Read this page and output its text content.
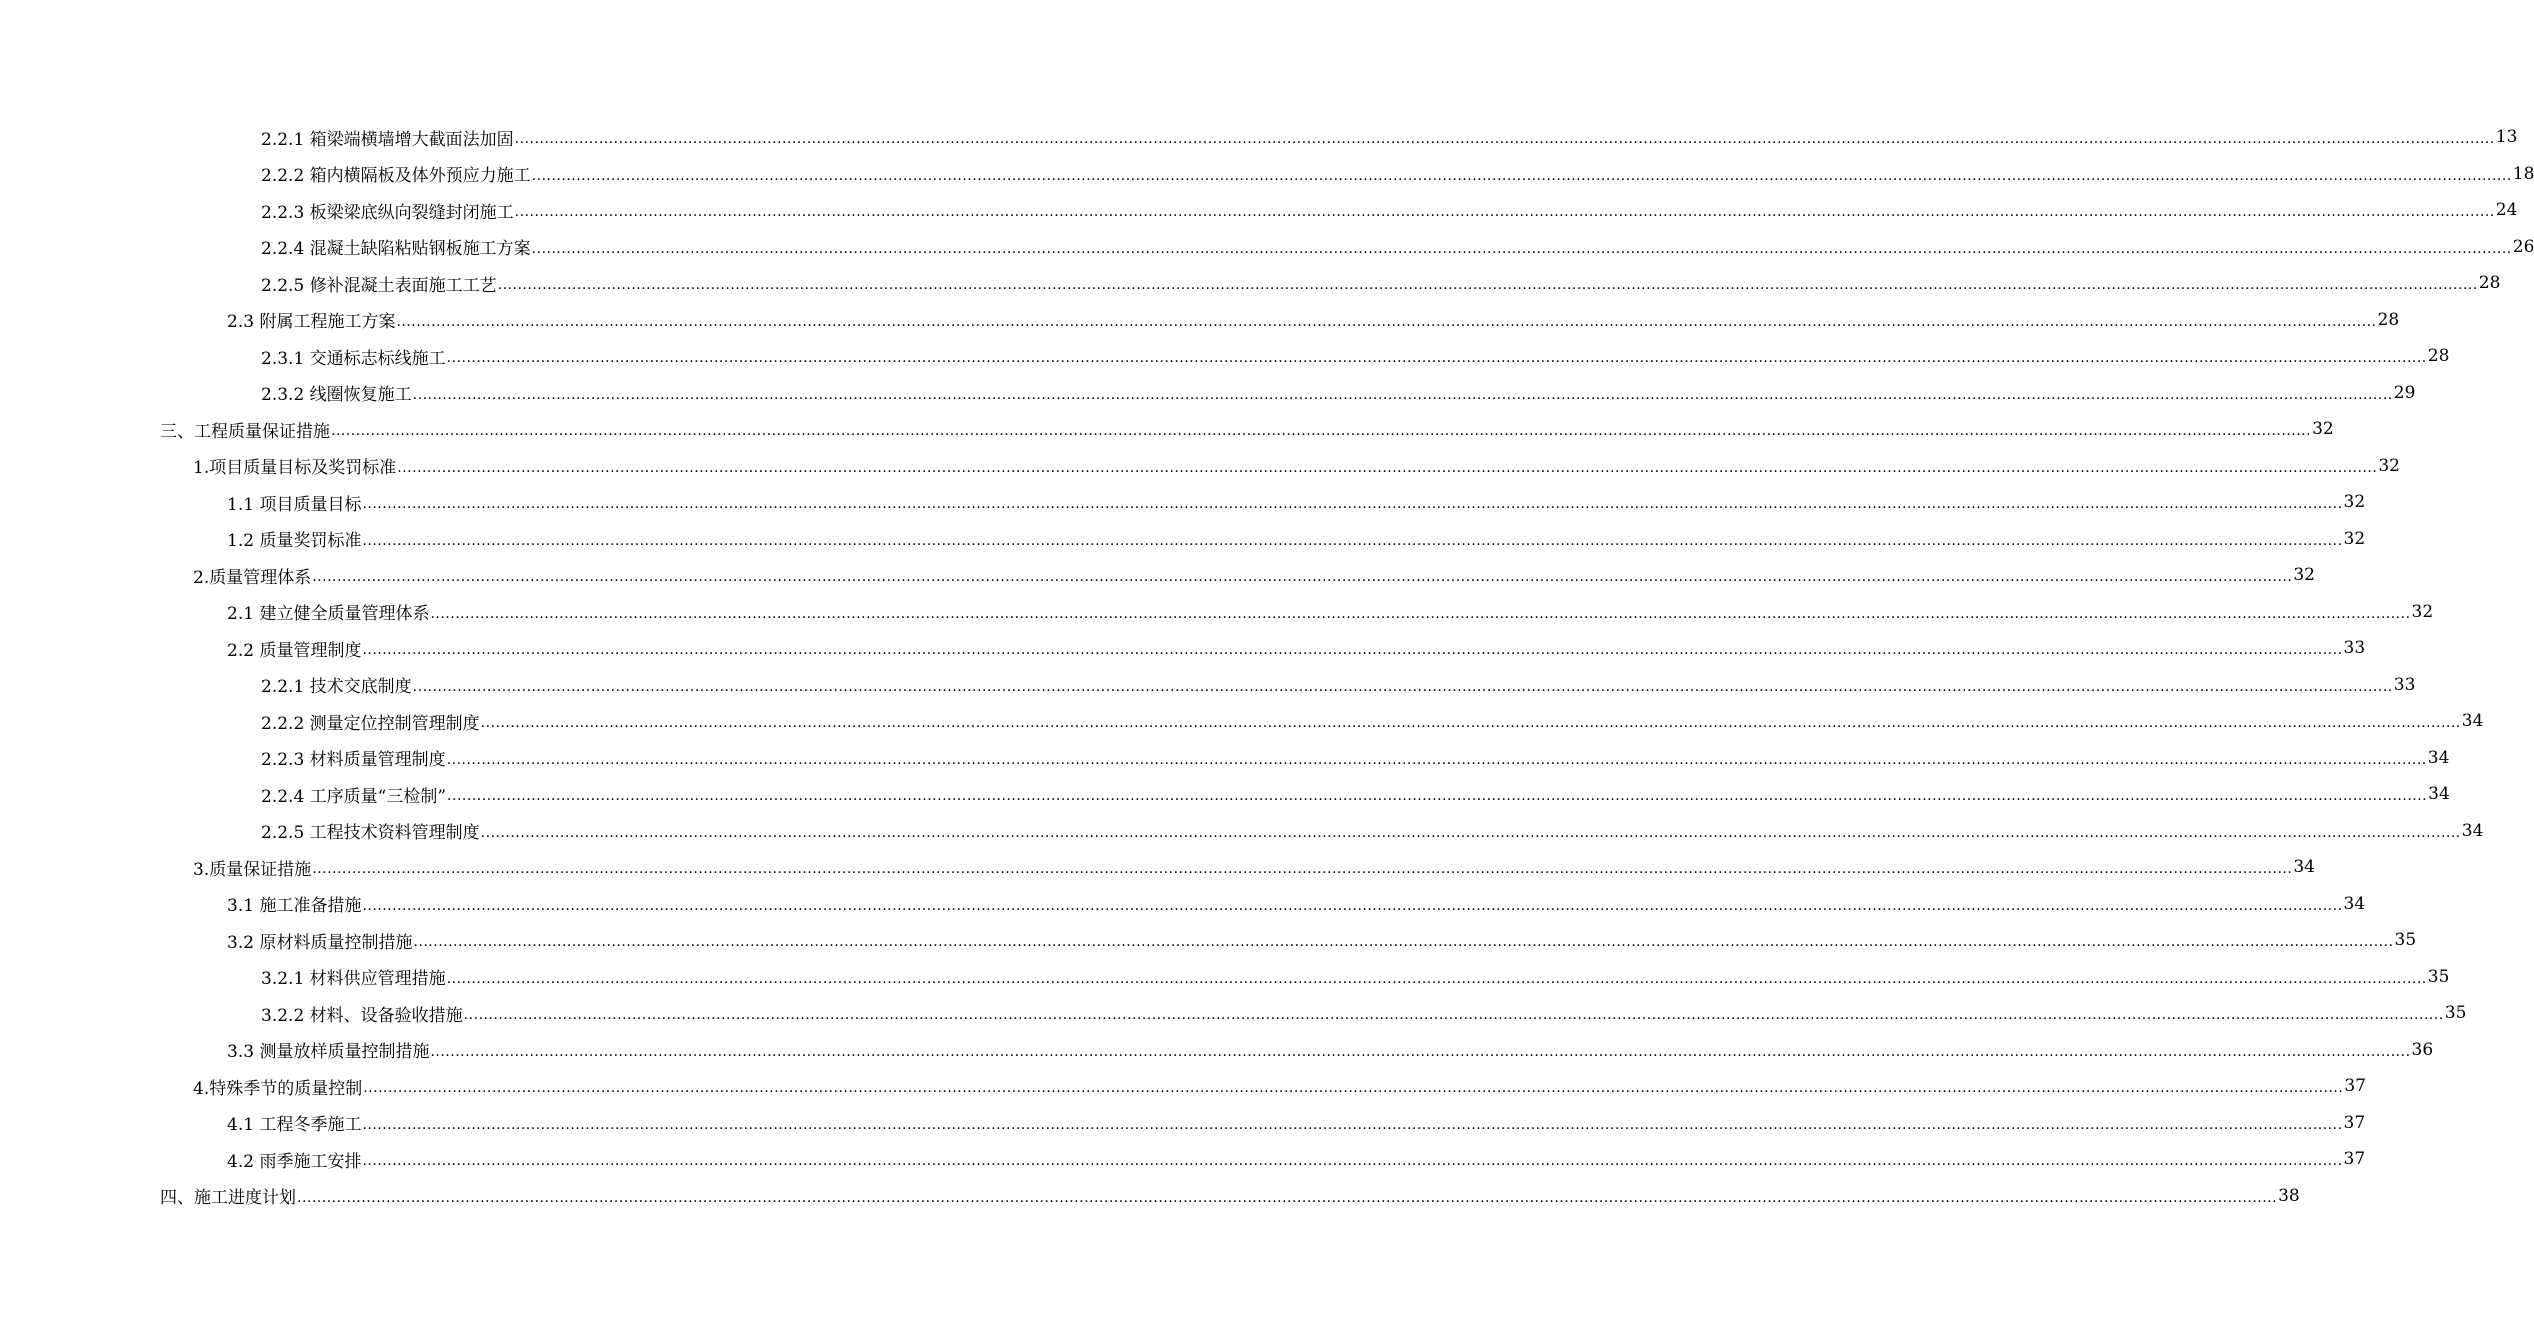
2.2.1 箱梁端横墙增大截面法加固 ................................................................................................................................................................................................................................................................................................................................................................................................................ 13
2.2.2 箱内横隔板及体外预应力施工 ................................................................................................................................................................................................................................................................................................................................................................................................................ 18
2.2.3 板梁梁底纵向裂缝封闭施工 ................................................................................................................................................................................................................................................................................................................................................................................................................ 24
2.2.4 混凝土缺陷粘贴钢板施工方案 ................................................................................................................................................................................................................................................................................................................................................................................................................ 26
2.2.5 修补混凝土表面施工工艺 ................................................................................................................................................................................................................................................................................................................................................................................................................ 28
2.3 附属工程施工方案 ................................................................................................................................................................................................................................................................................................................................................................................................................ 28
2.3.1 交通标志标线施工 ................................................................................................................................................................................................................................................................................................................................................................................................................ 28
2.3.2 线圈恢复施工 ................................................................................................................................................................................................................................................................................................................................................................................................................ 29
三、工程质量保证措施 ................................................................................................................................................................................................................................................................................................................................................................................................................ 32
1.项目质量目标及奖罚标准 ................................................................................................................................................................................................................................................................................................................................................................................................................ 32
1.1 项目质量目标 ................................................................................................................................................................................................................................................................................................................................................................................................................ 32
1.2 质量奖罚标准 ................................................................................................................................................................................................................................................................................................................................................................................................................ 32
2.质量管理体系 ................................................................................................................................................................................................................................................................................................................................................................................................................ 32
2.1 建立健全质量管理体系 ................................................................................................................................................................................................................................................................................................................................................................................................................ 32
2.2 质量管理制度 ................................................................................................................................................................................................................................................................................................................................................................................................................ 33
2.2.1 技术交底制度 ................................................................................................................................................................................................................................................................................................................................................................................................................ 33
2.2.2 测量定位控制管理制度 ................................................................................................................................................................................................................................................................................................................................................................................................................ 34
2.2.3 材料质量管理制度 ................................................................................................................................................................................................................................................................................................................................................................................................................ 34
2.2.4 工序质量“三检制” ................................................................................................................................................................................................................................................................................................................................................................................................................ 34
2.2.5 工程技术资料管理制度 ................................................................................................................................................................................................................................................................................................................................................................................................................ 34
3.质量保证措施 ................................................................................................................................................................................................................................................................................................................................................................................................................ 34
3.1 施工准备措施 ................................................................................................................................................................................................................................................................................................................................................................................................................ 34
3.2 原材料质量控制措施 ................................................................................................................................................................................................................................................................................................................................................................................................................ 35
3.2.1 材料供应管理措施 ................................................................................................................................................................................................................................................................................................................................................................................................................ 35
3.2.2 材料、设备验收措施 ................................................................................................................................................................................................................................................................................................................................................................................................................ 35
3.3 测量放样质量控制措施 ................................................................................................................................................................................................................................................................................................................................................................................................................ 36
4.特殊季节的质量控制 ................................................................................................................................................................................................................................................................................................................................................................................................................ 37
4.1 工程冬季施工 ................................................................................................................................................................................................................................................................................................................................................................................................................ 37
4.2 雨季施工安排 ................................................................................................................................................................................................................................................................................................................................................................................................................ 37
四、施工进度计划 ................................................................................................................................................................................................................................................................................................................................................................................................................ 38
